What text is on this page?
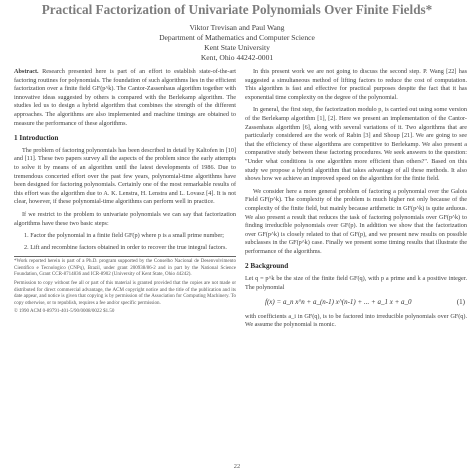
Practical Factorization of Univariate Polynomials Over Finite Fields*
Viktor Trevisan and Paul Wang
Department of Mathematics and Computer Science
Kent State University
Kent, Ohio 44242-0001

Abstract. Research presented here is part of an effort to establish state-of-the-art factoring routines for polynomials. The foundation of such algorithms lies in the efficient factorization over a finite field GF(p^k). The Cantor-Zassenhaus algorithm together with innovative ideas suggested by others is compared with the Berlekamp algorithm. The studies led us to design a hybrid algorithm that combines the strength of the different approaches. The algorithms are also implemented and machine timings are obtained to measure the performance of these algorithms.

1 Introduction

The problem of factoring polynomials has been described in detail by Kaltofen in [10] and [11]. These two papers survey all the aspects of the problem since the early attempts to solve it by means of an algorithm until the latest developments of 1986. Due to tremendous concerted effort over the past few years, polynomial-time algorithms have been designed for factoring polynomials. Certainly one of the most remarkable results of this effort was the algorithm due to A. K. Lenstra, H. Lenstra and L. Lovasz [4]. It is not clear, however, if these polynomial-time algorithms can perform well in practice.

If we restrict to the problem to univariate polynomials we can say that factorization algorithms have these two basic steps:

1. Factor the polynomial in a finite field GF(p) where p is a small prime number;
2. Lift and recombine factors obtained in order to recover the true integral factors.

*Work reported herein is part of a Ph.D. program supported by the Conselho Nacional de Desenvolvimento Cientifico e Tecnologico (CNPq), Brazil, under grant 200938/86-2 and in part by the National Science Foundation, Grant CCR-8714836 and ICR-8902 (University of Kent State, Ohio 44242).

Permission to copy without fee all or part of this material is granted provided that the copies are not made or distributed for direct commercial advantage, the ACM copyright notice and the title of the publication and its date appear, and notice is given that copying is by permission of the Association for Computing Machinery. To copy otherwise, or to republish, requires a fee and/or specific permission.

© 1990 ACM 0-89791-401-5/90/0008/0022 $1.50

In this present work we are not going to discuss the second step. P. Wang [22] has suggested a simultaneous method of lifting factors to reduce the cost of computation. This algorithm is fast and effective for practical purposes despite the fact that it has exponential time complexity on the degree of the polynomial.

In general, the first step, the factorization modulo p, is carried out using some version of the Berlekamp algorithm [1], [2]. Here we present an implementation of the Cantor-Zassenhaus algorithm [6], along with several variations of it. Two algorithms that are particularly considered are the work of Rabin [3] and Shoup [21]. We are going to see that the efficiency of these algorithms are competitive to Berlekamp. We also present a comparative study between these factoring procedures. We seek answers to the question: "Under what conditions is one algorithm more efficient than others?". Based on this study we propose a hybrid algorithm that takes advantage of all these methods. It also shows how we achieve an improved speed on the algorithm for the finite field.

We consider here a more general problem of factoring a polynomial over the Galois Field GF(p^k). The complexity of the problem is much higher not only because of the complexity of the finite field, but mainly because arithmetic in GF(p^k) is quite arduous. We also present a result that reduces the task of factoring polynomials over GF(p^k) to finding irreducible polynomials over GF(p). In addition we show that the factorization over GF(p^k) is closely related to that of GF(p), and we present new results on possible subclasses in the GF(p^k) case. Finally we present some timing results that illustrate the performance of the algorithms.

2 Background

Let q = p^k be the size of the finite field GF(q), with p a prime and k a positive integer. The polynomial

f(x) = a_n x^n + a_(n-1) x^(n-1) + ... + a_1 x + a_0	(1)

with coefficients a_i in GF(q), is to be factored into irreducible polynomials over GF(q). We assume the polynomial is monic.

22
